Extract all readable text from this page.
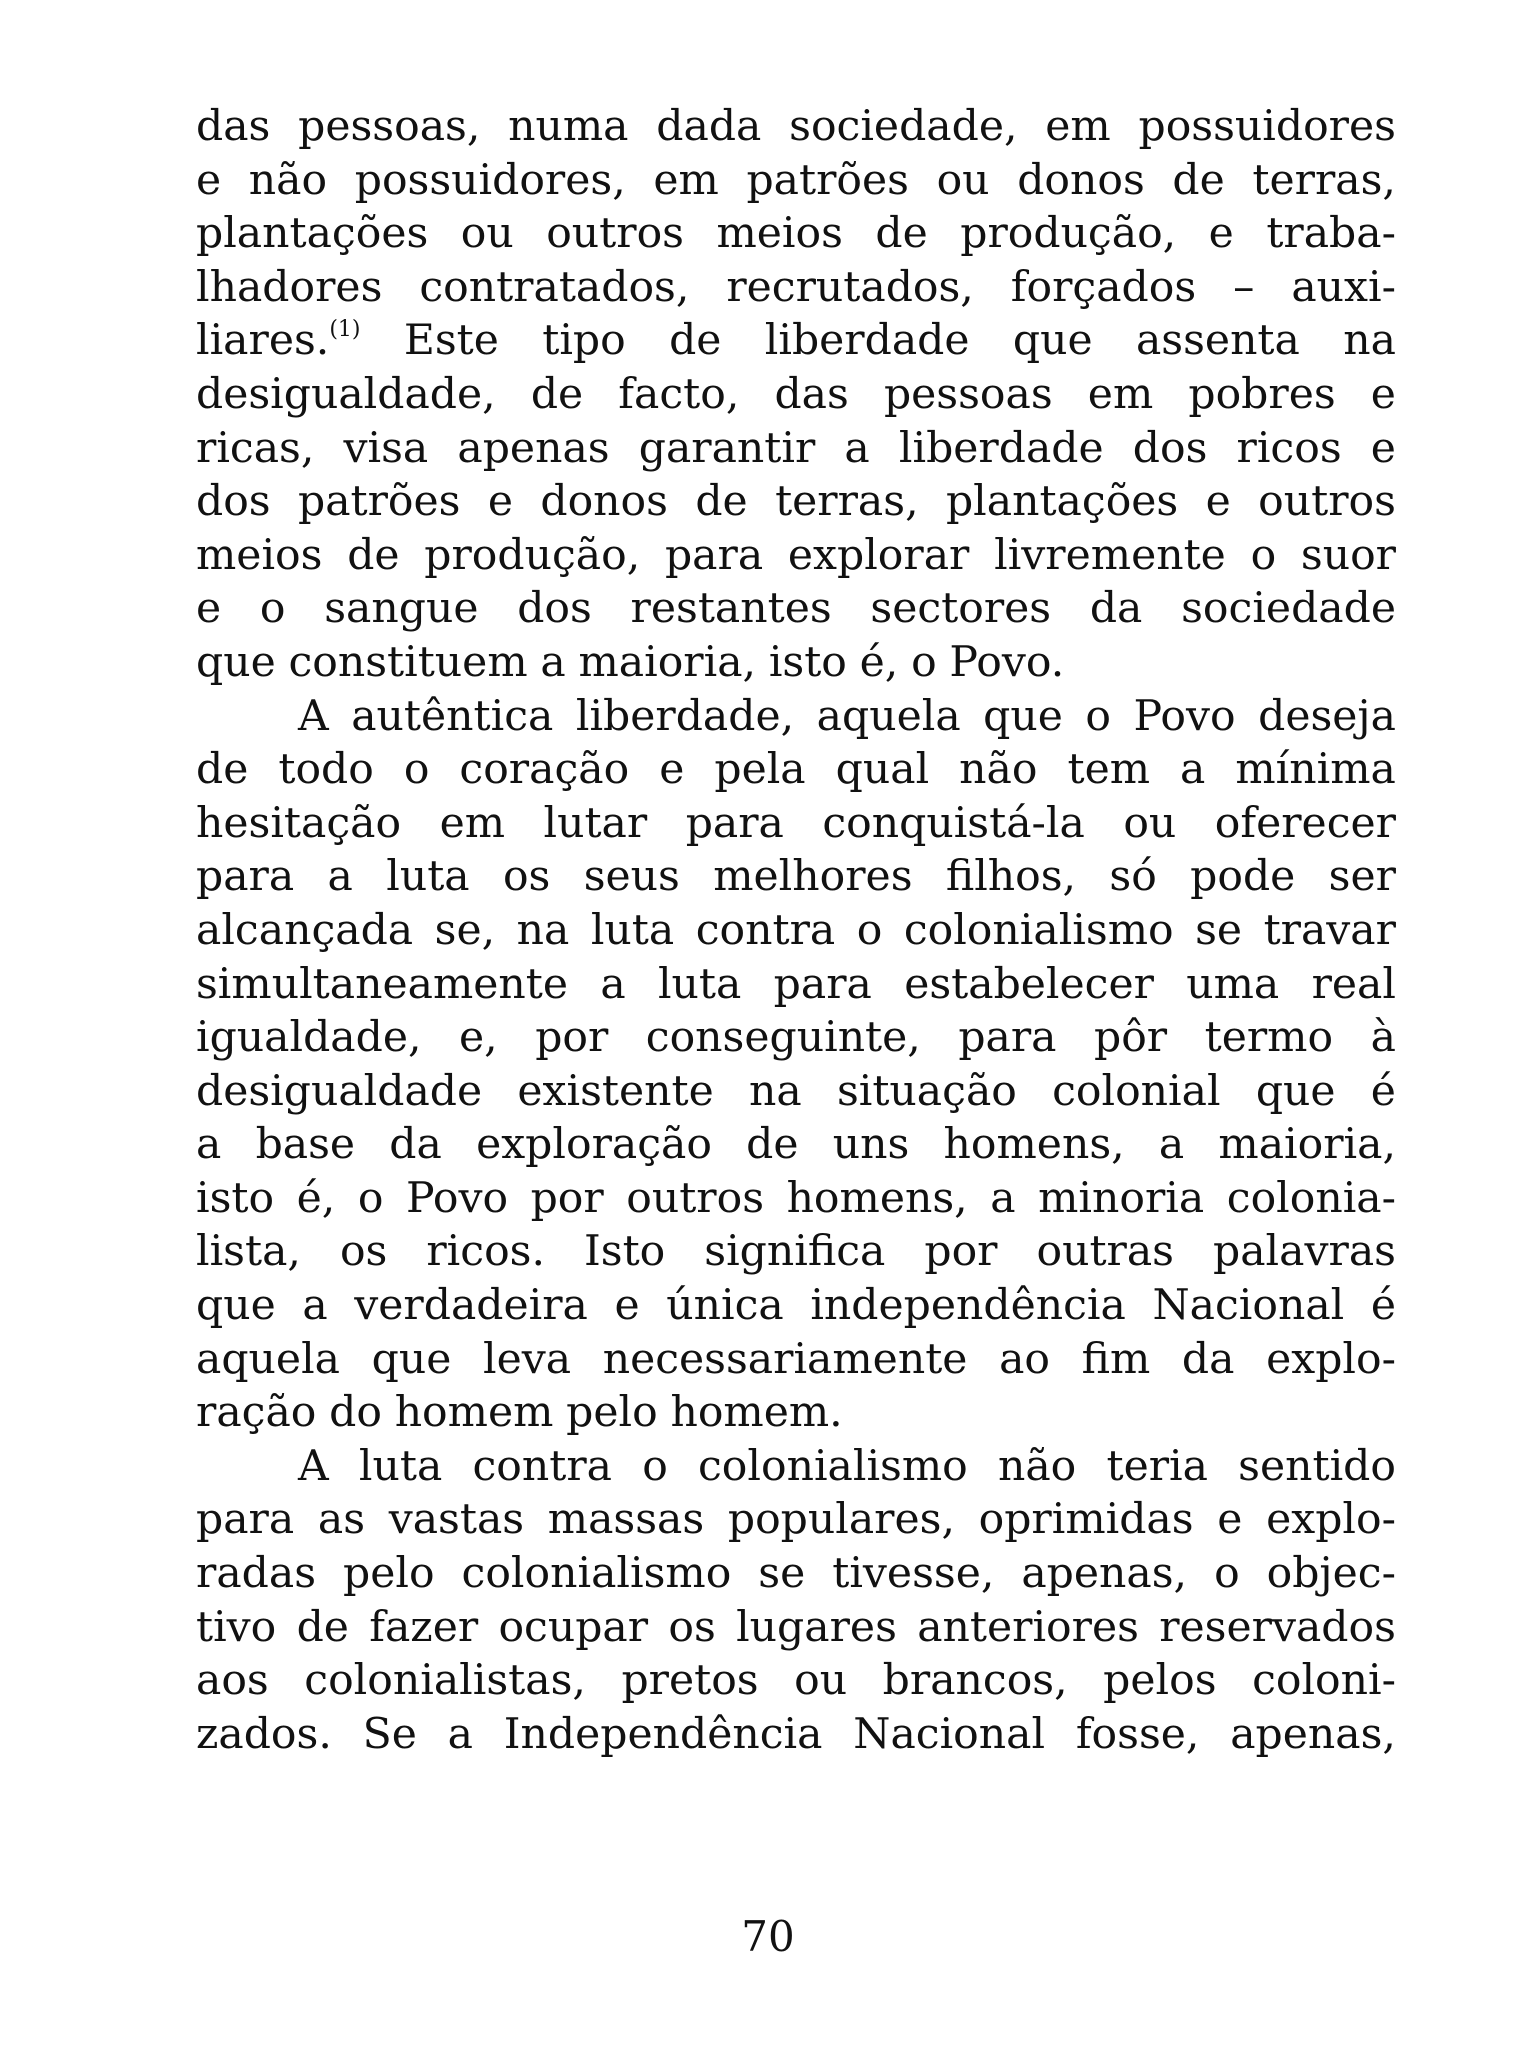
das pessoas, numa dada sociedade, em possuidores
e não possuidores, em patrões ou donos de terras,
plantações ou outros meios de produção, e traba-
lhadores contratados, recrutados, forçados – auxi-
liares.$^{(1)}$ Este tipo de liberdade que assenta na
desigualdade, de facto, das pessoas em pobres e
ricas, visa apenas garantir a liberdade dos ricos e
dos patrões e donos de terras, plantações e outros
meios de produção, para explorar livremente o suor
e o sangue dos restantes sectores da sociedade
que constituem a maioria, isto é, o Povo.
A autêntica liberdade, aquela que o Povo deseja
de todo o coração e pela qual não tem a mínima
hesitação em lutar para conquistá-la ou oferecer
para a luta os seus melhores filhos, só pode ser
alcançada se, na luta contra o colonialismo se travar
simultaneamente a luta para estabelecer uma real
igualdade, e, por conseguinte, para pôr termo à
desigualdade existente na situação colonial que é
a base da exploração de uns homens, a maioria,
isto é, o Povo por outros homens, a minoria colonia-
lista, os ricos. Isto significa por outras palavras
que a verdadeira e única independência Nacional é
aquela que leva necessariamente ao fim da explo-
ração do homem pelo homem.
A luta contra o colonialismo não teria sentido
para as vastas massas populares, oprimidas e explo-
radas pelo colonialismo se tivesse, apenas, o objec-
tivo de fazer ocupar os lugares anteriores reservados
aos colonialistas, pretos ou brancos, pelos coloni-
zados. Se a Independência Nacional fosse, apenas,
70
